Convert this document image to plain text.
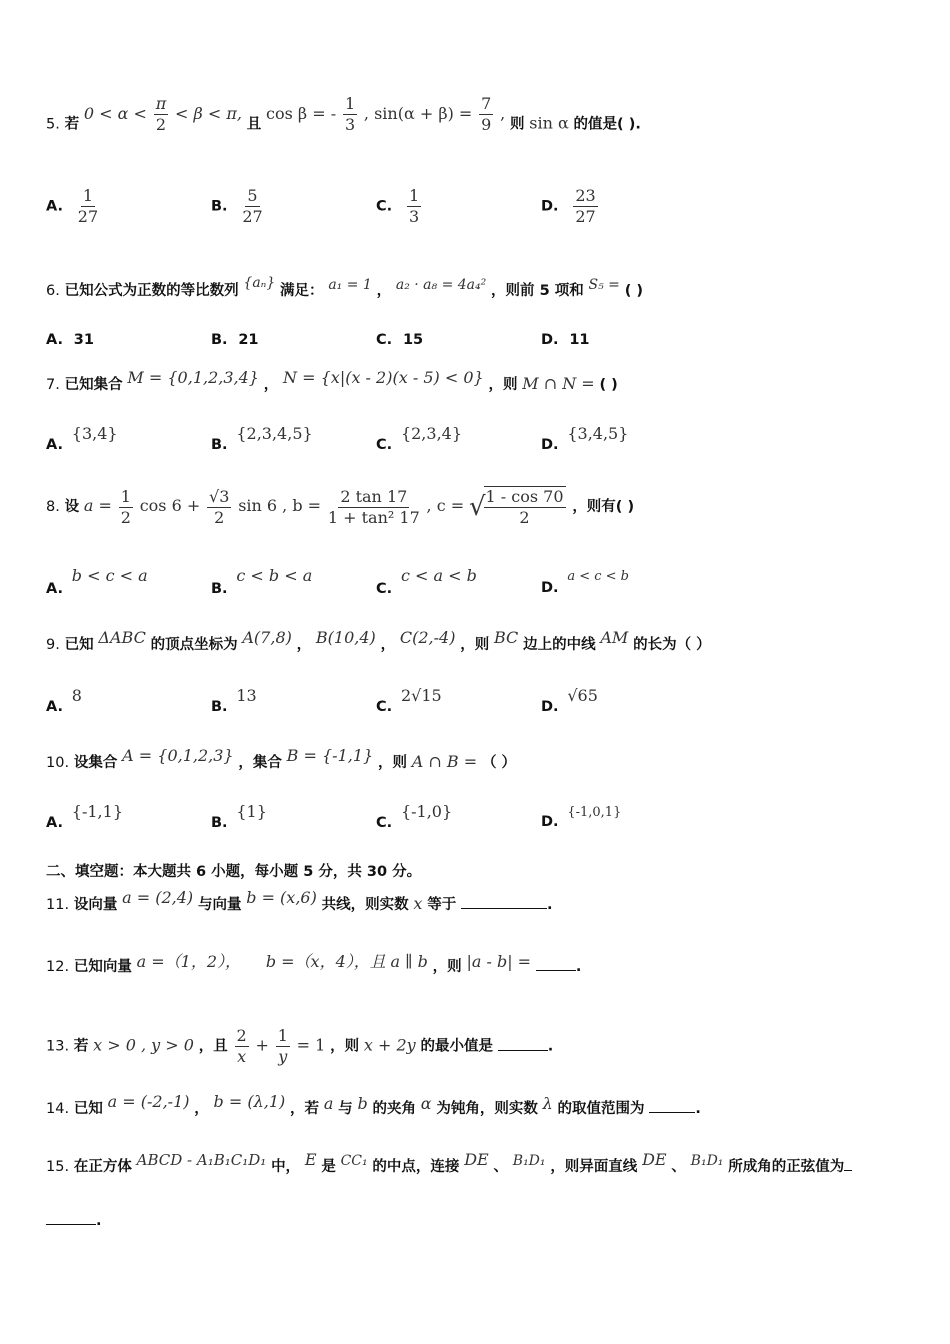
5. 若 $0 < \alpha < \frac{\pi}{2} < \beta < \pi$, 且 cos β = - $\frac{1}{3}$ , $\sin(\alpha + \beta) = \frac{7}{9}$ , 则 sin α 的值是( ).
A. $\frac{1}{27}$	B. $\frac{5}{27}$	C. $\frac{1}{3}$	D. $\frac{23}{27}$
6. 已知公式为正数的等比数列 {aₙ} 满足： a₁ = 1 ， a₂ · a₈ = 4a₄² ，则前 5 项和 S₅ = ( )
A. 31	B. 21	C. 15	D. 11
7. 已知集合 M = {0,1,2,3,4} ， N = {x|(x - 2)(x - 5) < 0} ，则 M ∩ N = ( )
A. {3,4}
B. {2,3,4,5}
C. {2,3,4}
D. {3,4,5}
8. 设 $a = \frac{1}{2}$ $\cos 6 + \frac{√3}{2}$ sin 6 , $b = \frac{2 \tan 17}{\text{1 + tan² 17}}$ , c = √
$\frac{1 - \cos 70}{2}$ ，则有( )
A. b < c < a
B. c < b < a
C. c < a < b
D. a < c < b
9. 已知 ΔABC 的顶点坐标为 A(7,8) ， B(10,4) ， C(2,-4) ，则 BC 边上的中线 AM 的长为（ ）
A. 8
B. 13
C. 2√15
D. √65
10. 设集合 A = {0,1,2,3} ，集合 B = {-1,1} ，则 A ∩ B = （ ）
A. {-1,1}
B. {1}
C. {-1,0}
D. {-1,0,1}
二、填空题：本大题共 6 小题，每小题 5 分，共 30 分。
11. 设向量 a = (2,4) 与向量 b = (x,6) 共线，则实数 x 等于	.
12. 已知向量 a =（1，2）， b =（x，4），且 a ∥ b ，则 |a - b| =	.
13. 若 x > 0 , y > 0 ，且 $\frac{2}{x} + \frac{1}{y} = 1$ ，则 x + 2y 的最小值是	.
14. 已知 a = (-2,-1) ， b = (λ,1) ，若 a 与 b 的夹角 α 为钝角，则实数 λ 的取值范围为	.
15. 在正方体 ABCD - A₁B₁C₁D₁ 中， E 是 CC₁ 的中点，连接 DE 、 B₁D₁ ，则异面直线 DE 、 B₁D₁ 所成角的正弦值为
.
